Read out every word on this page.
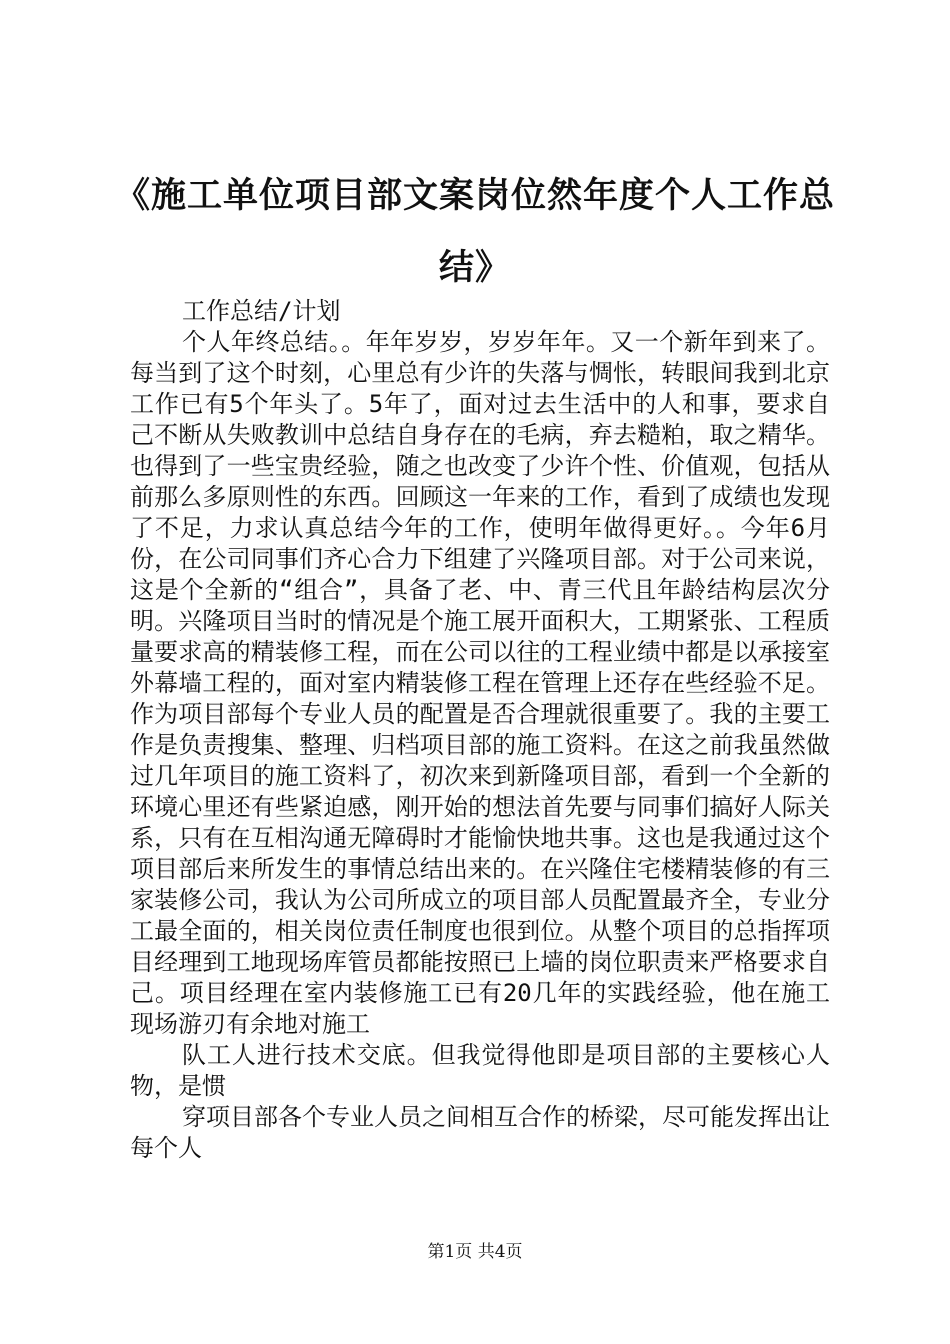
《施工单位项目部文案岗位然年度个人工作总结》

工作总结/计划

个人年终总结。。年年岁岁，岁岁年年。又一个新年到来了。每当到了这个时刻，心里总有少许的失落与惆怅，转眼间我到北京工作已有5个年头了。5年了，面对过去生活中的人和事，要求自己不断从失败教训中总结自身存在的毛病，弃去糙粕，取之精华。也得到了一些宝贵经验，随之也改变了少许个性、价值观，包括从前那么多原则性的东西。回顾这一年来的工作，看到了成绩也发现了不足，力求认真总结今年的工作，使明年做得更好。。今年6月份，在公司同事们齐心合力下组建了兴隆项目部。对于公司来说，这是个全新的“组合”，具备了老、中、青三代且年龄结构层次分明。兴隆项目当时的情况是个施工展开面积大，工期紧张、工程质量要求高的精装修工程，而在公司以往的工程业绩中都是以承接室外幕墙工程的，面对室内精装修工程在管理上还存在些经验不足。作为项目部每个专业人员的配置是否合理就很重要了。我的主要工作是负责搜集、整理、归档项目部的施工资料。在这之前我虽然做过几年项目的施工资料了，初次来到新隆项目部，看到一个全新的环境心里还有些紧迫感，刚开始的想法首先要与同事们搞好人际关系，只有在互相沟通无障碍时才能愉快地共事。这也是我通过这个项目部后来所发生的事情总结出来的。在兴隆住宅楼精装修的有三家装修公司，我认为公司所成立的项目部人员配置最齐全，专业分工最全面的，相关岗位责任制度也很到位。从整个项目的总指挥项目经理到工地现场库管员都能按照已上墙的岗位职责来严格要求自己。项目经理在室内装修施工已有20几年的实践经验，他在施工现场游刃有余地对施工

队工人进行技术交底。但我觉得他即是项目部的主要核心人物，是惯

穿项目部各个专业人员之间相互合作的桥梁，尽可能发挥出让每个人

第1页 共4页
